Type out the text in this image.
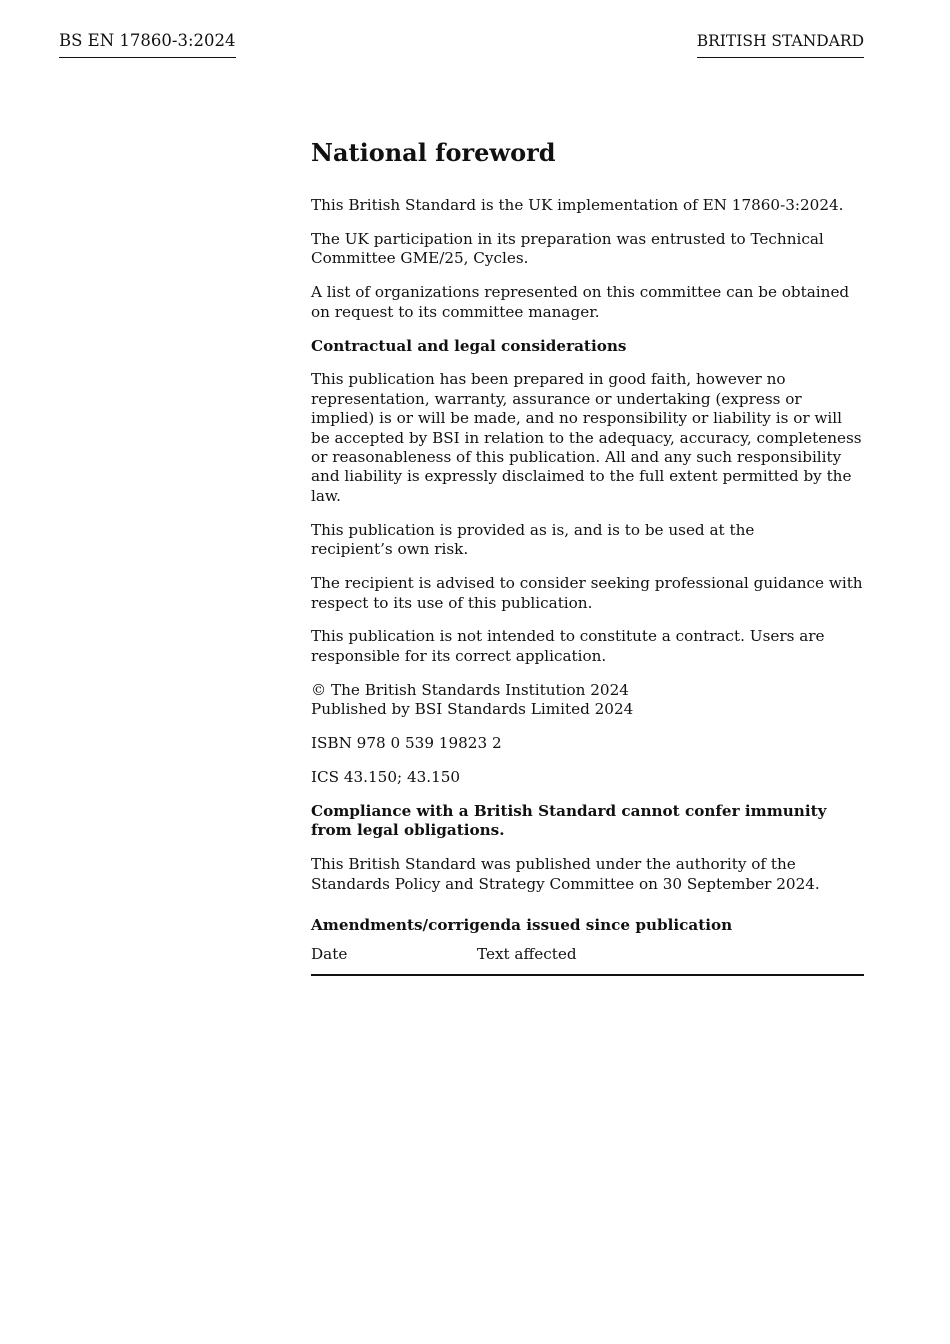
BS EN 17860-3:2024	BRITISH STANDARD
National foreword

This British Standard is the UK implementation of EN 17860-3:2024.

The UK participation in its preparation was entrusted to Technical Committee GME/25, Cycles.

A list of organizations represented on this committee can be obtained on request to its committee manager.

Contractual and legal considerations

This publication has been prepared in good faith, however no representation, warranty, assurance or undertaking (express or implied) is or will be made, and no responsibility or liability is or will be accepted by BSI in relation to the adequacy, accuracy, completeness or reasonableness of this publication. All and any such responsibility and liability is expressly disclaimed to the full extent permitted by the law.

This publication is provided as is, and is to be used at the
recipient’s own risk.

The recipient is advised to consider seeking professional guidance with respect to its use of this publication.

This publication is not intended to constitute a contract. Users are responsible for its correct application.

© The British Standards Institution 2024
Published by BSI Standards Limited 2024

ISBN 978 0 539 19823 2

ICS 43.150; 43.150

Compliance with a British Standard cannot confer immunity from legal obligations.

This British Standard was published under the authority of the Standards Policy and Strategy Committee on 30 September 2024.

Amendments/corrigenda issued since publication
Date	Text affected
